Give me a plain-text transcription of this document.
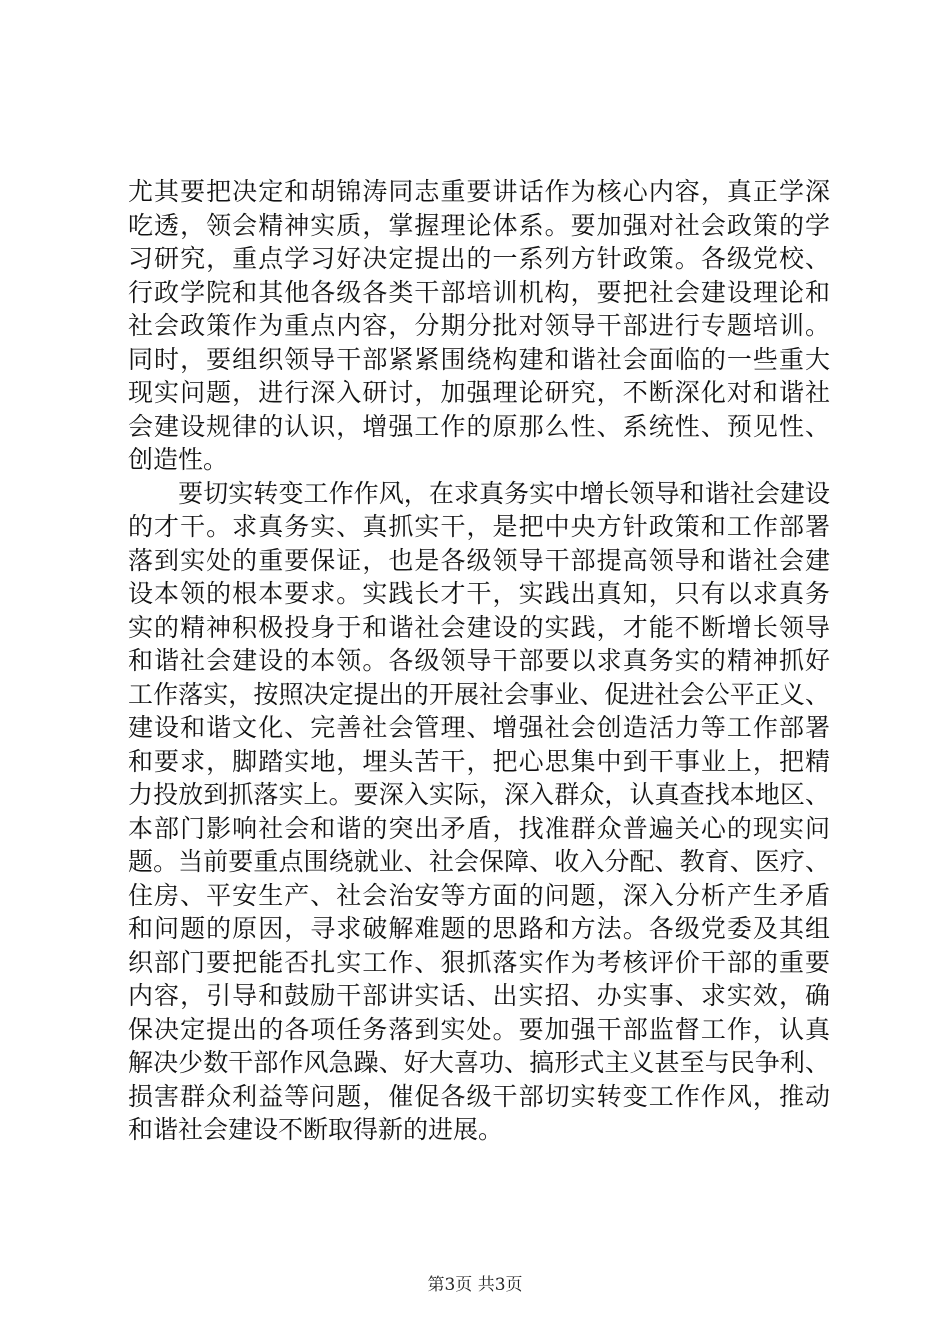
尤其要把决定和胡锦涛同志重要讲话作为核心内容，真正学深
吃透，领会精神实质，掌握理论体系。要加强对社会政策的学
习研究，重点学习好决定提出的一系列方针政策。各级党校、
行政学院和其他各级各类干部培训机构，要把社会建设理论和
社会政策作为重点内容，分期分批对领导干部进行专题培训。
同时，要组织领导干部紧紧围绕构建和谐社会面临的一些重大
现实问题，进行深入研讨，加强理论研究，不断深化对和谐社
会建设规律的认识，增强工作的原那么性、系统性、预见性、
创造性。
　　要切实转变工作作风，在求真务实中增长领导和谐社会建设
的才干。求真务实、真抓实干，是把中央方针政策和工作部署
落到实处的重要保证，也是各级领导干部提高领导和谐社会建
设本领的根本要求。实践长才干，实践出真知，只有以求真务
实的精神积极投身于和谐社会建设的实践，才能不断增长领导
和谐社会建设的本领。各级领导干部要以求真务实的精神抓好
工作落实，按照决定提出的开展社会事业、促进社会公平正义、
建设和谐文化、完善社会管理、增强社会创造活力等工作部署
和要求，脚踏实地，埋头苦干，把心思集中到干事业上，把精
力投放到抓落实上。要深入实际，深入群众，认真查找本地区、
本部门影响社会和谐的突出矛盾，找准群众普遍关心的现实问
题。当前要重点围绕就业、社会保障、收入分配、教育、医疗、
住房、平安生产、社会治安等方面的问题，深入分析产生矛盾
和问题的原因，寻求破解难题的思路和方法。各级党委及其组
织部门要把能否扎实工作、狠抓落实作为考核评价干部的重要
内容，引导和鼓励干部讲实话、出实招、办实事、求实效，确
保决定提出的各项任务落到实处。要加强干部监督工作，认真
解决少数干部作风急躁、好大喜功、搞形式主义甚至与民争利、
损害群众利益等问题，催促各级干部切实转变工作作风，推动
和谐社会建设不断取得新的进展。
第3页 共3页
